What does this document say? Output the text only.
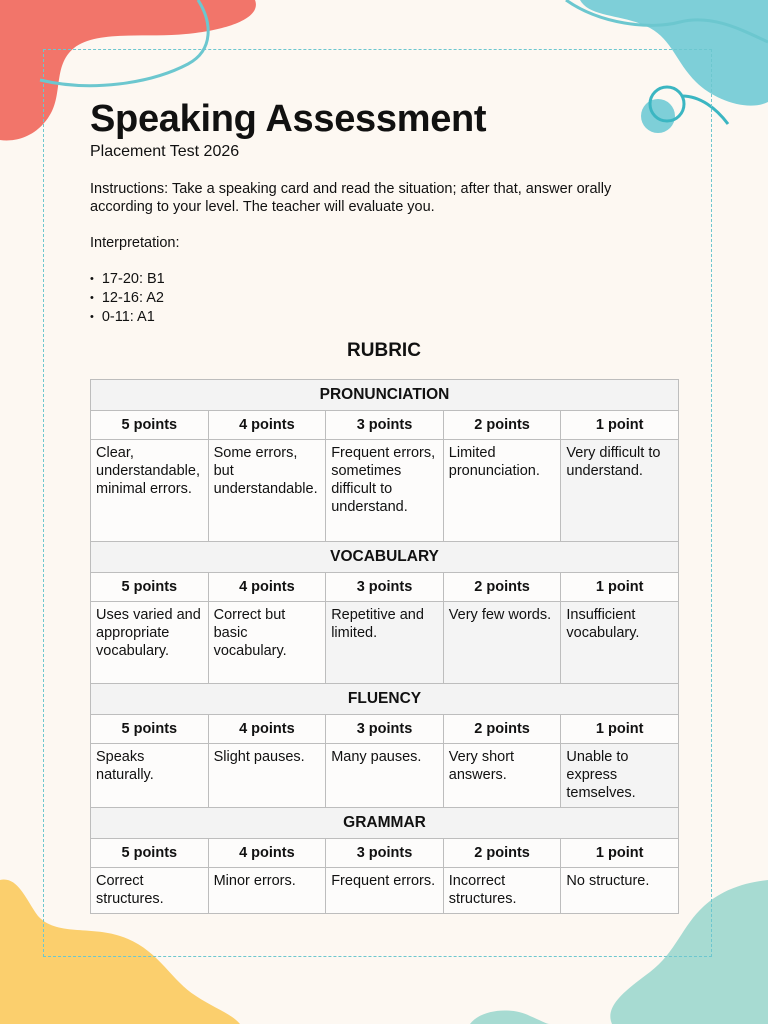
Speaking Assessment
Placement Test 2026
Instructions: Take a speaking card and read the situation; after that, answer orally according to your level. The teacher will evaluate you.
Interpretation:
• 17-20: B1
• 12-16: A2
• 0-11: A1
RUBRIC
PRONUNCIATION				
5 points	4 points	3 points	2 points	1 point
Clear, understandable, minimal errors.	Some errors, but understandable.	Frequent errors, sometimes difficult to understand.	Limited pronunciation.	Very difficult to understand.
VOCABULARY				
5 points	4 points	3 points	2 points	1 point
Uses varied and appropriate vocabulary.	Correct but basic vocabulary.	Repetitive and limited.	Very few words.	Insufficient vocabulary.
FLUENCY				
5 points	4 points	3 points	2 points	1 point
Speaks naturally.	Slight pauses.	Many pauses.	Very short answers.	Unable to express temselves.
GRAMMAR				
5 points	4 points	3 points	2 points	1 point
Correct structures.	Minor errors.	Frequent errors.	Incorrect structures.	No structure.
